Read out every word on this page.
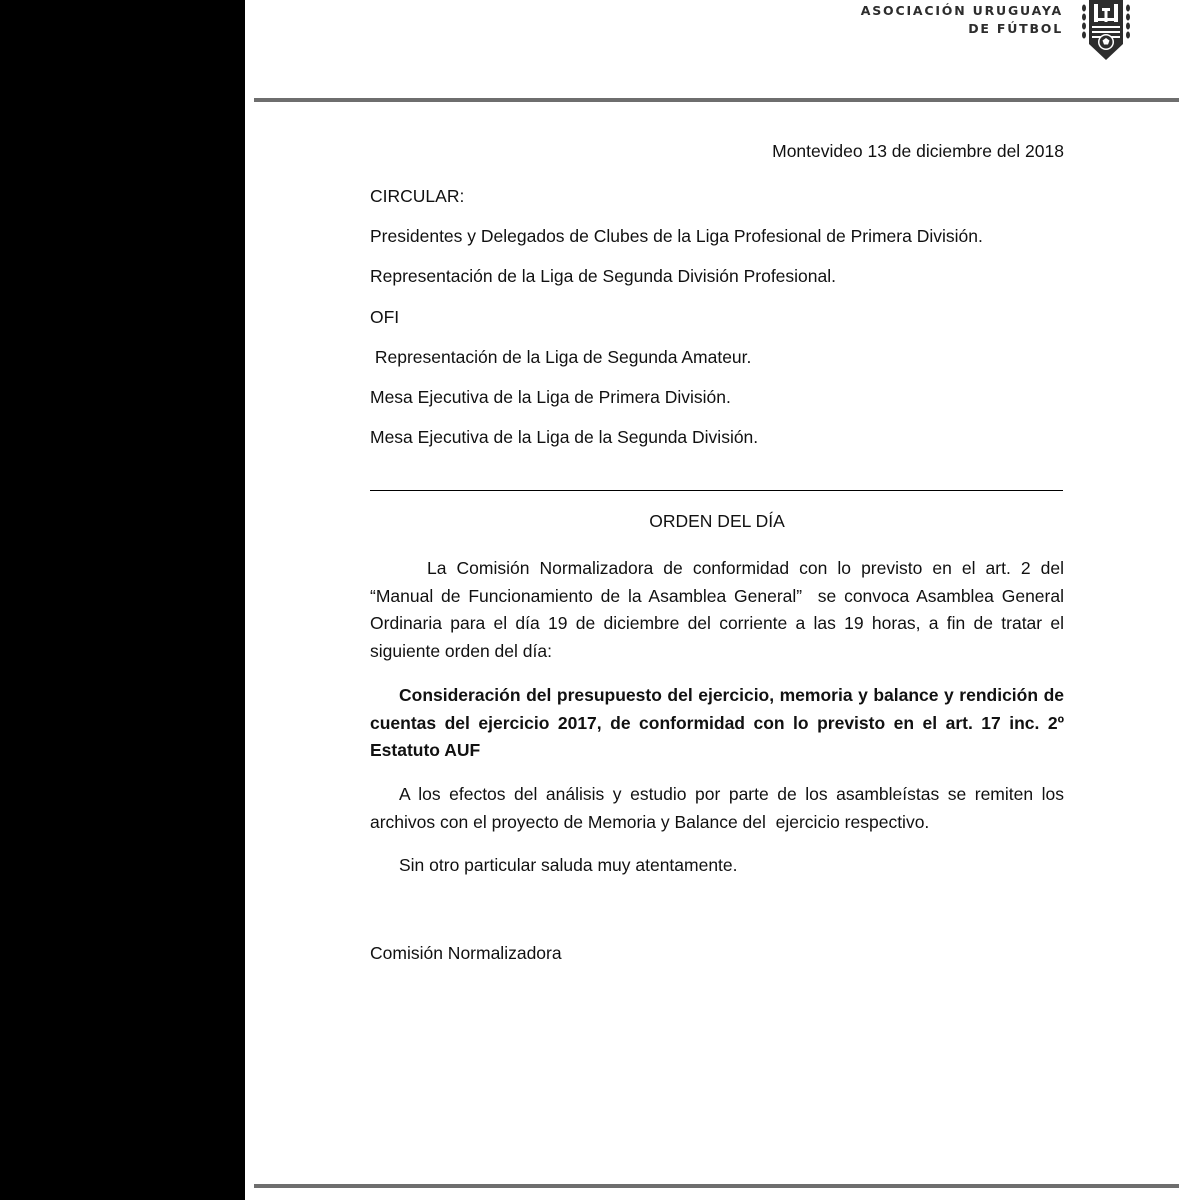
ASOCIACIÓN URUGUAYA
DE FÚTBOL
Montevideo 13 de diciembre del 2018
CIRCULAR:
Presidentes y Delegados de Clubes de la Liga Profesional de Primera División.
Representación de la Liga de Segunda División Profesional.
OFI
Representación de la Liga de Segunda Amateur.
Mesa Ejecutiva de la Liga de Primera División.
Mesa Ejecutiva de la Liga de la Segunda División.
ORDEN DEL DÍA
La Comisión Normalizadora de conformidad con lo previsto en el art. 2 del “Manual de Funcionamiento de la Asamblea General”  se convoca Asamblea General Ordinaria para el día 19 de diciembre del corriente a las 19 horas, a fin de tratar el siguiente orden del día:
Consideración del presupuesto del ejercicio, memoria y balance y rendición de cuentas del ejercicio 2017, de conformidad con lo previsto en el art. 17 inc. 2º Estatuto AUF
A los efectos del análisis y estudio por parte de los asambleístas se remiten los archivos con el proyecto de Memoria y Balance del  ejercicio respectivo.
Sin otro particular saluda muy atentamente.
Comisión Normalizadora
